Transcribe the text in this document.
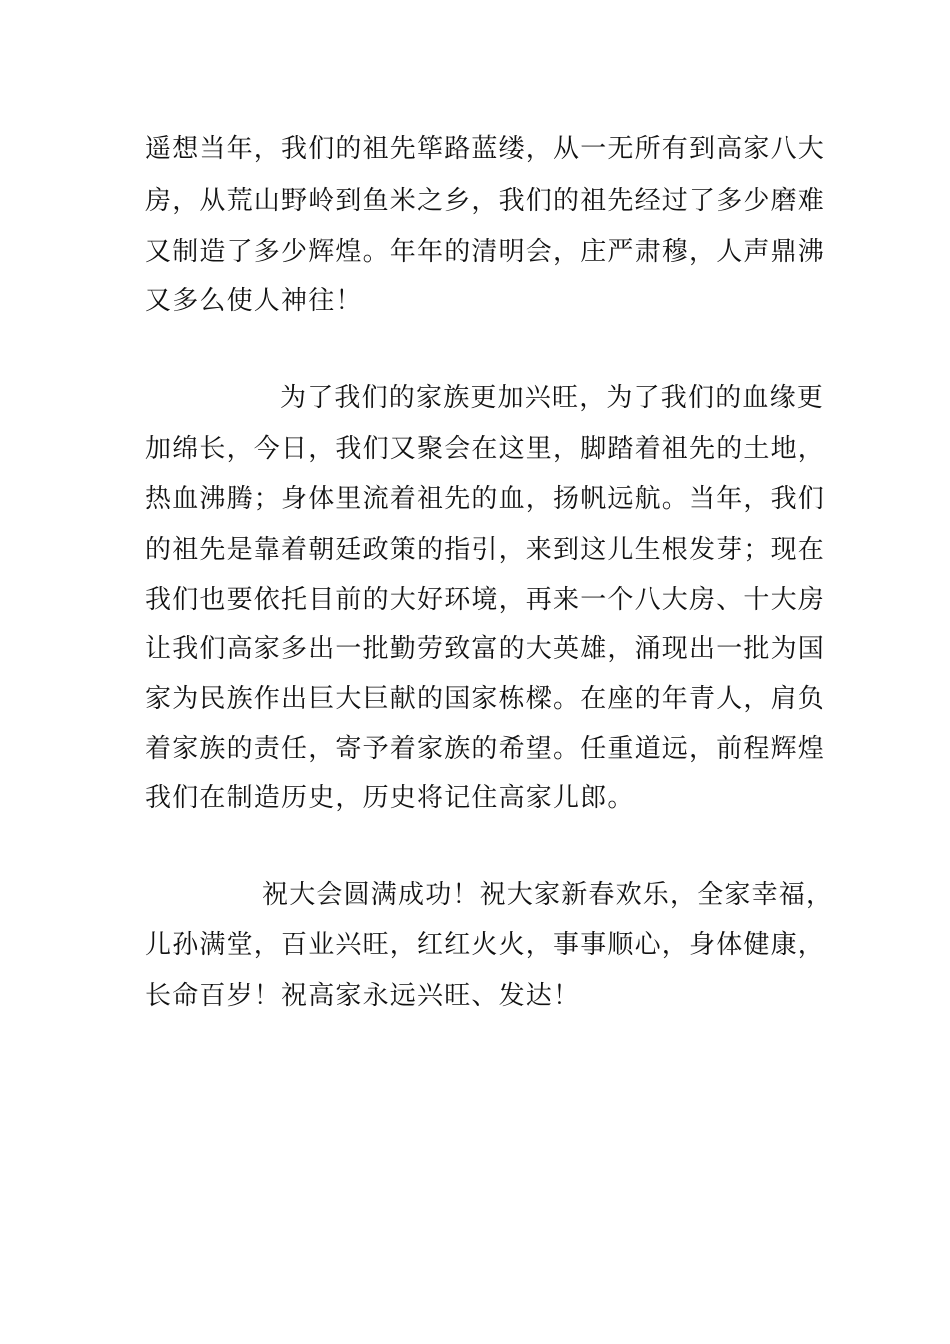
遥想当年，我们的祖先筚路蓝缕，从一无所有到高家八大
房，从荒山野岭到鱼米之乡，我们的祖先经过了多少磨难
又制造了多少辉煌。年年的清明会，庄严肃穆，人声鼎沸
又多么使人神往！
为了我们的家族更加兴旺，为了我们的血缘更
加绵长，今日，我们又聚会在这里，脚踏着祖先的土地，
热血沸腾；身体里流着祖先的血，扬帆远航。当年，我们
的祖先是靠着朝廷政策的指引，来到这儿生根发芽；现在
我们也要依托目前的大好环境，再来一个八大房、十大房
让我们高家多出一批勤劳致富的大英雄，涌现出一批为国
家为民族作出巨大巨献的国家栋樑。在座的年青人，肩负
着家族的责任，寄予着家族的希望。任重道远，前程辉煌
我们在制造历史，历史将记住高家儿郎。
祝大会圆满成功！祝大家新春欢乐，全家幸福，
儿孙满堂，百业兴旺，红红火火，事事顺心，身体健康，
长命百岁！祝高家永远兴旺、发达！
